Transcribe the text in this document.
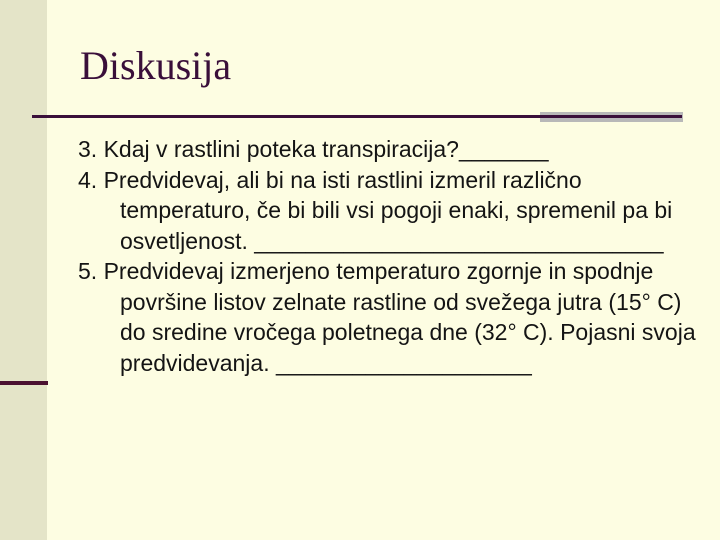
Diskusija
3. Kdaj v rastlini poteka transpiracija?_______
4. Predvidevaj, ali bi na isti rastlini izmeril različno temperaturo, če bi bili vsi pogoji enaki, spremenil pa bi osvetljenost. ________________________________
5. Predvidevaj izmerjeno temperaturo zgornje in spodnje površine listov zelnate rastline od svežega jutra (15° C) do sredine vročega poletnega dne (32° C). Pojasni svoja predvidevanja. ____________________
